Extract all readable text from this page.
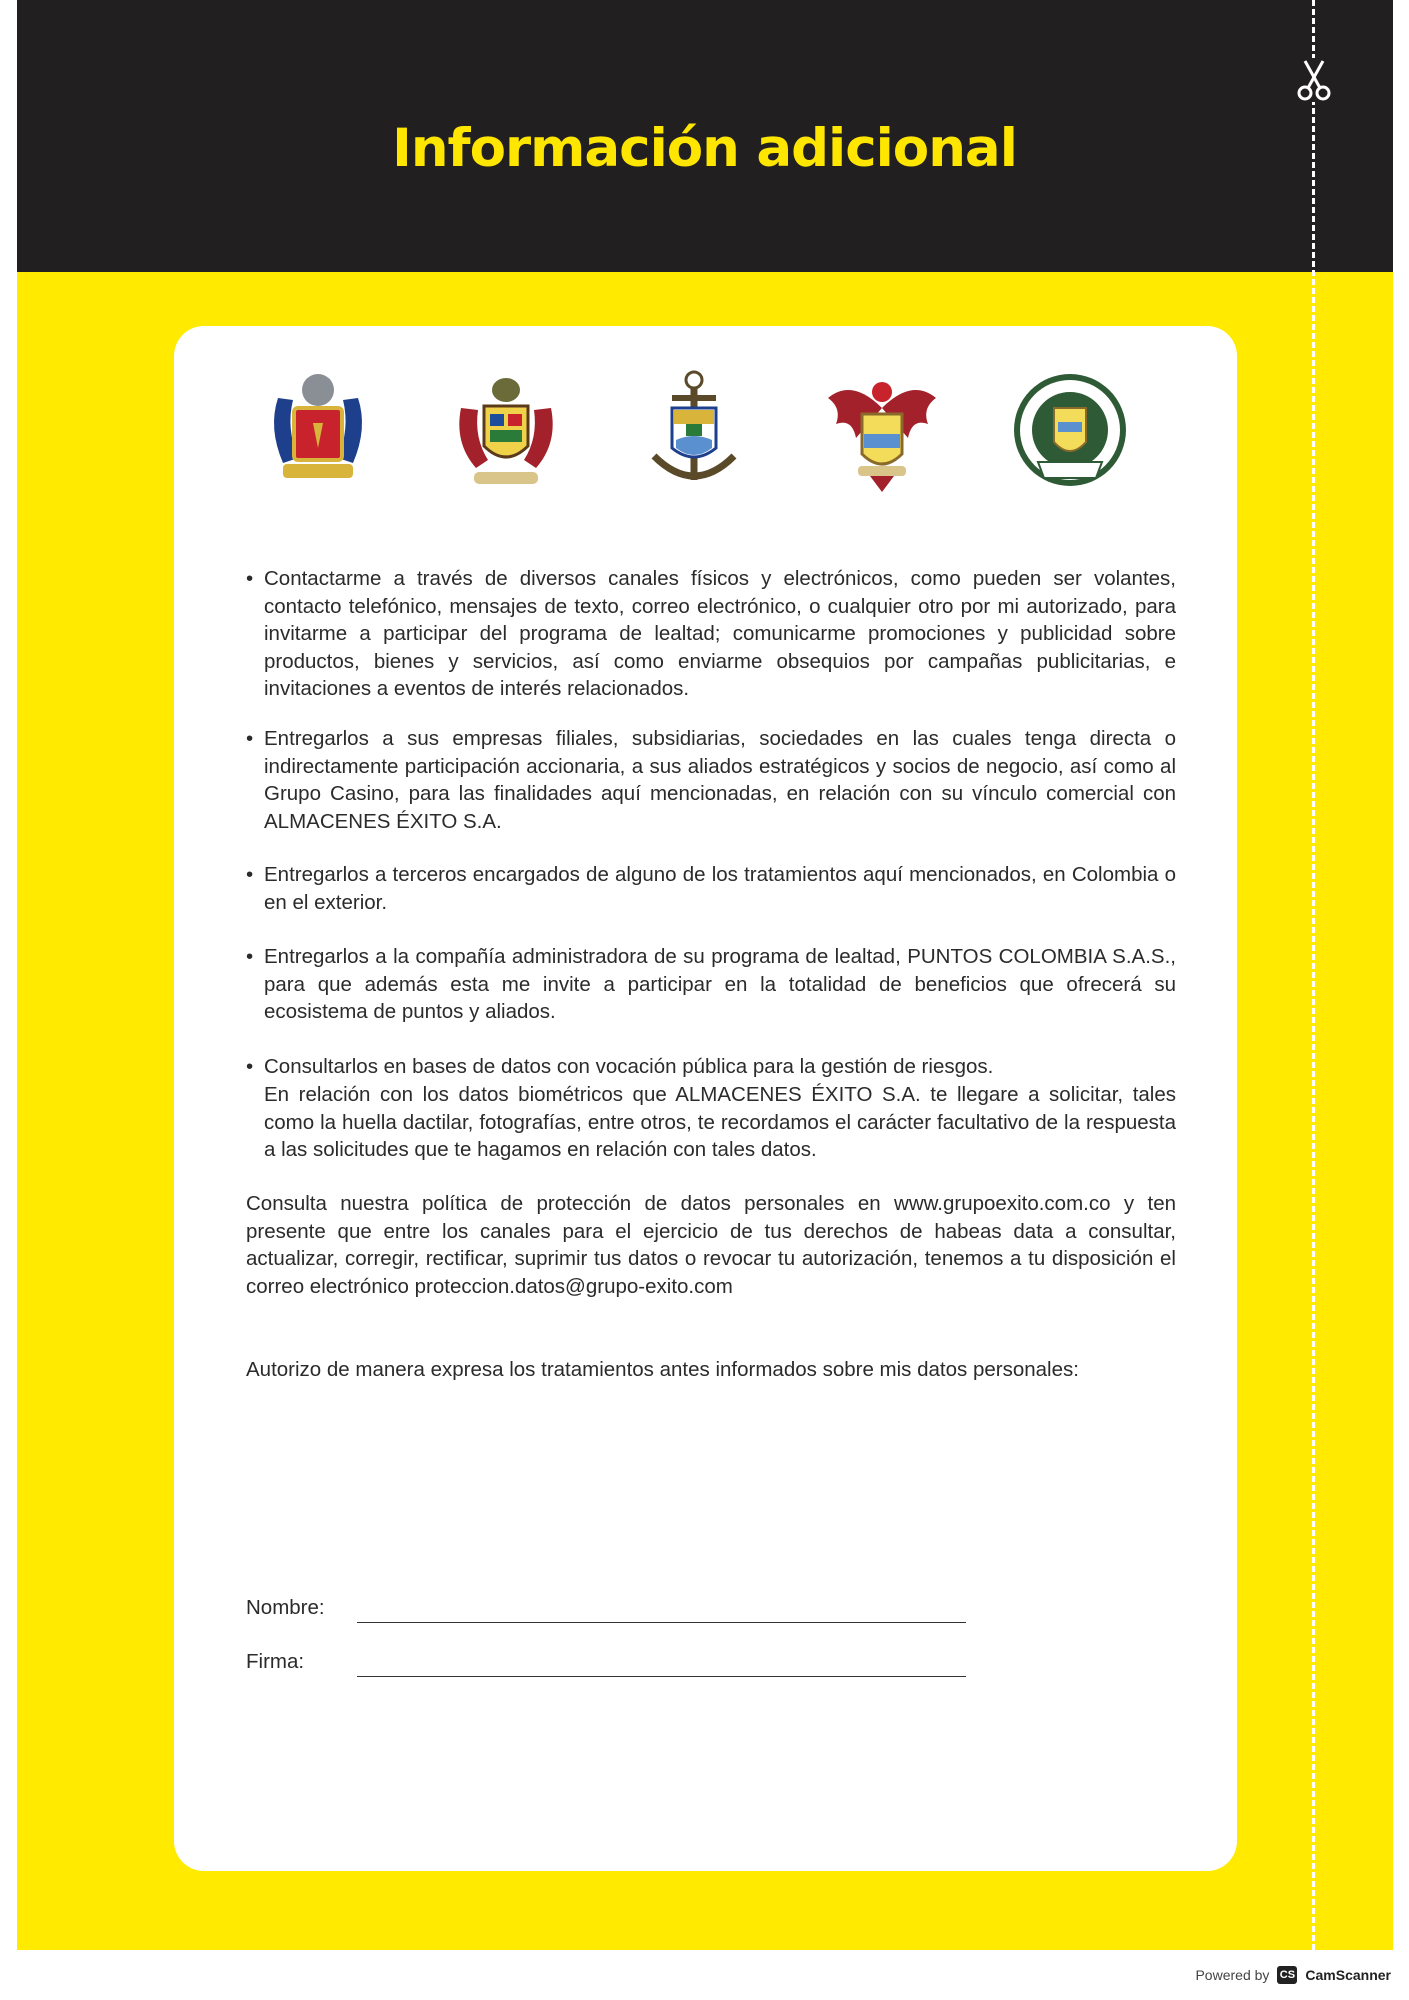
Información adicional
• Contactarme a través de diversos canales físicos y electrónicos, como pueden ser volantes, contacto telefónico, mensajes de texto, correo electrónico, o cualquier otro por mi autorizado, para invitarme a participar del programa de lealtad; comunicarme promociones y publicidad sobre productos, bienes y servicios, así como enviarme obsequios por campañas publicitarias, e invitaciones a eventos de interés relacionados.
• Entregarlos a sus empresas filiales, subsidiarias, sociedades en las cuales tenga directa o indirectamente participación accionaria, a sus aliados estratégicos y socios de negocio, así como al Grupo Casino, para las finalidades aquí mencionadas, en relación con su vínculo comercial con ALMACENES ÉXITO S.A.
• Entregarlos a terceros encargados de alguno de los tratamientos aquí mencionados, en Colombia o en el exterior.
• Entregarlos a la compañía administradora de su programa de lealtad, PUNTOS COLOMBIA S.A.S., para que además esta me invite a participar en la totalidad de beneficios que ofrecerá su ecosistema de puntos y aliados.
• Consultarlos en bases de datos con vocación pública para la gestión de riesgos.
En relación con los datos biométricos que ALMACENES ÉXITO S.A. te llegare a solicitar, tales como la huella dactilar, fotografías, entre otros, te recordamos el carácter facultativo de la respuesta a las solicitudes que te hagamos en relación con tales datos.
Consulta nuestra política de protección de datos personales en www.grupoexito.com.co y ten presente que entre los canales para el ejercicio de tus derechos de habeas data a consultar, actualizar, corregir, rectificar, suprimir tus datos o revocar tu autorización, tenemos a tu disposición el correo electrónico proteccion.datos@grupo-exito.com
Autorizo de manera expresa los tratamientos antes informados sobre mis datos personales:
Nombre:
Firma:
Powered by CS CamScanner
